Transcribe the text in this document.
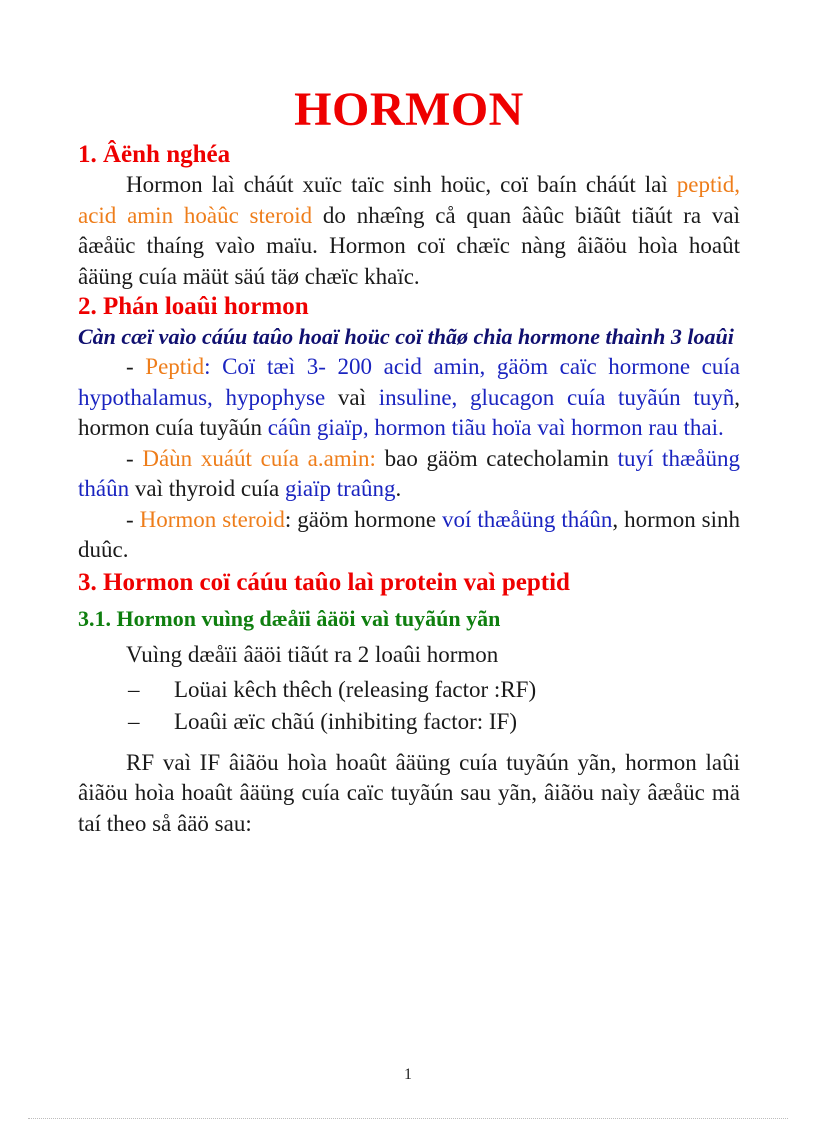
HORMON
1. Âënh nghéa

Hormon laì cháút xuïc taïc sinh hoüc, coï baín cháút laì peptid, acid amin hoàûc steroid do nhæîng cå quan âàûc biãût tiãút ra vaì âæåüc thaíng vaìo maïu. Hormon coï chæïc nàng âiãöu hoìa hoaût âäüng cuía mäüt säú täø chæïc khaïc.

2. Phán loaûi hormon
Càn cæï vaìo cáúu taûo hoaï hoüc coï thãø chia hormone thaình 3 loaûi

- Peptid: Coï tæì 3- 200 acid amin, gäöm caïc hormone cuía hypothalamus, hypophyse vaì insuline, glucagon cuía tuyãún tuyñ, hormon cuía tuyãún cáûn giaïp, hormon tiãu hoïa vaì hormon rau thai.

- Dáùn xuáút cuía a.amin: bao gäöm catecholamin tuyí thæåüng tháûn vaì thyroid cuía giaïp traûng.

- Hormon steroid: gäöm hormone voí thæåüng tháûn, hormon sinh duûc.

3. Hormon coï cáúu taûo laì protein vaì peptid
3.1. Hormon vuìng dæåïi âäöi vaì tuyãún yãn

Vuìng dæåïi âäöi tiãút ra 2 loaûi hormon

– Loüai kêch thêch (releasing factor :RF)
– Loaûi æïc chãú (inhibiting factor: IF)

RF vaì IF âiãöu hoìa hoaût âäüng cuía tuyãún yãn, hormon laûi âiãöu hoìa hoaût âäüng cuía caïc tuyãún sau yãn, âiãöu naìy âæåüc mä taí theo så âäö sau:

1
